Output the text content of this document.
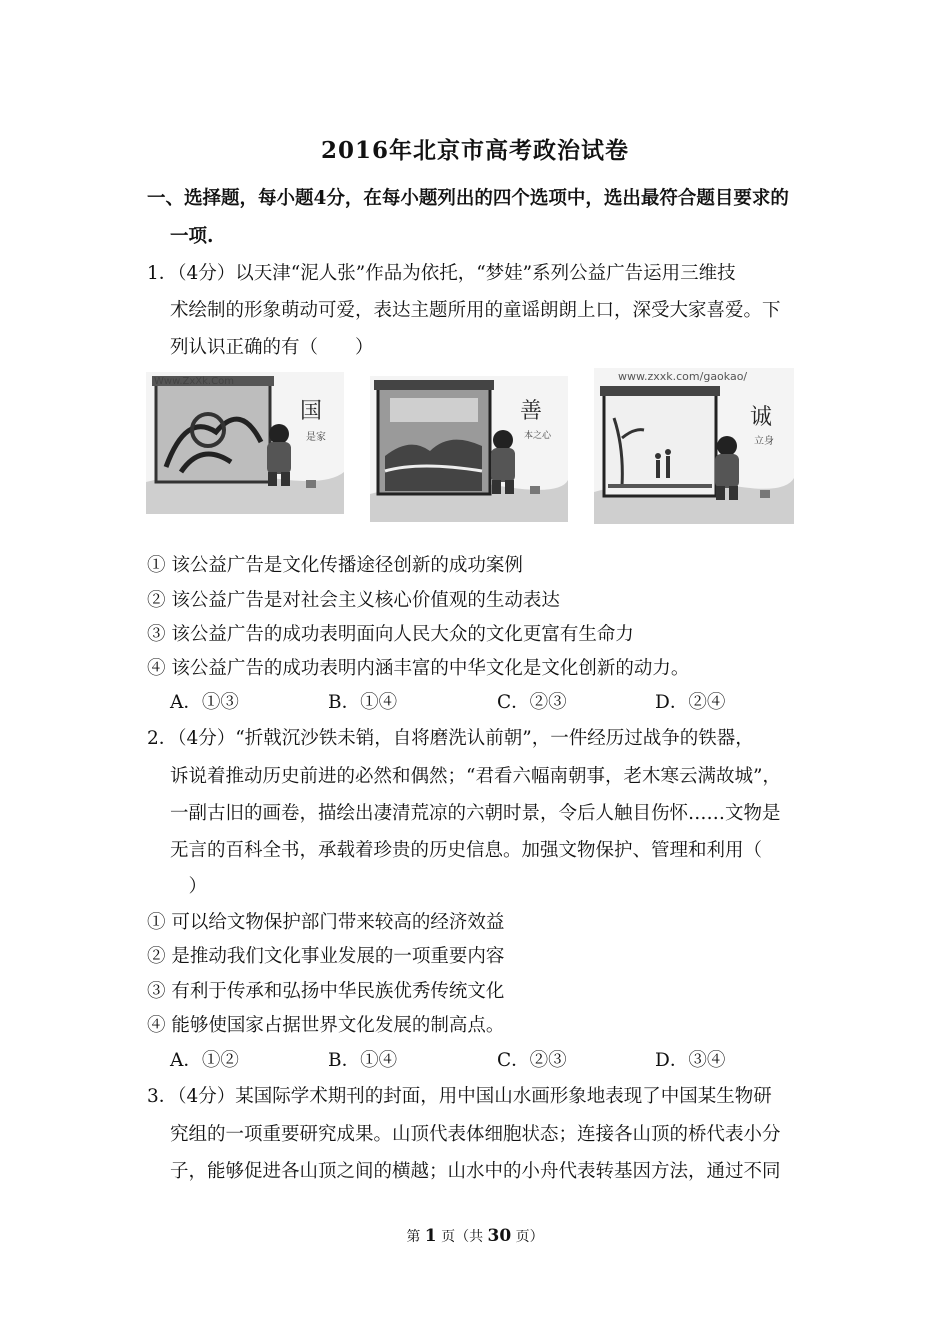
2016年北京市高考政治试卷
一、选择题，每小题4分，在每小题列出的四个选项中，选出最符合题目要求的
一项.
1．（4分）以天津“泥人张”作品为依托，“梦娃”系列公益广告运用三维技
术绘制的形象萌动可爱，表达主题所用的童谣朗朗上口，深受大家喜爱。下
列认识正确的有（　　）
国
是家
Www.ZxXk.Com
善
本之心
诚
立身
www.zxxk.com/gaokao/
① 该公益广告是文化传播途径创新的成功案例
② 该公益广告是对社会主义核心价值观的生动表达
③ 该公益广告的成功表明面向人民大众的文化更富有生命力
④ 该公益广告的成功表明内涵丰富的中华文化是文化创新的动力。
A．①③	B．①④	C．②③	D．②④
2．（4分）“折戟沉沙铁未销，自将磨洗认前朝”，一件经历过战争的铁器，
诉说着推动历史前进的必然和偶然；“君看六幅南朝事，老木寒云满故城”，
一副古旧的画卷，描绘出凄清荒凉的六朝时景，令后人触目伤怀……文物是
无言的百科全书，承载着珍贵的历史信息。加强文物保护、管理和利用（
　）
① 可以给文物保护部门带来较高的经济效益
② 是推动我们文化事业发展的一项重要内容
③ 有利于传承和弘扬中华民族优秀传统文化
④ 能够使国家占据世界文化发展的制高点。
A．①②	B．①④	C．②③	D．③④
3．（4分）某国际学术期刊的封面，用中国山水画形象地表现了中国某生物研
究组的一项重要研究成果。山顶代表体细胞状态；连接各山顶的桥代表小分
子，能够促进各山顶之间的横越；山水中的小舟代表转基因方法，通过不同
第 1 页（共 30 页）
